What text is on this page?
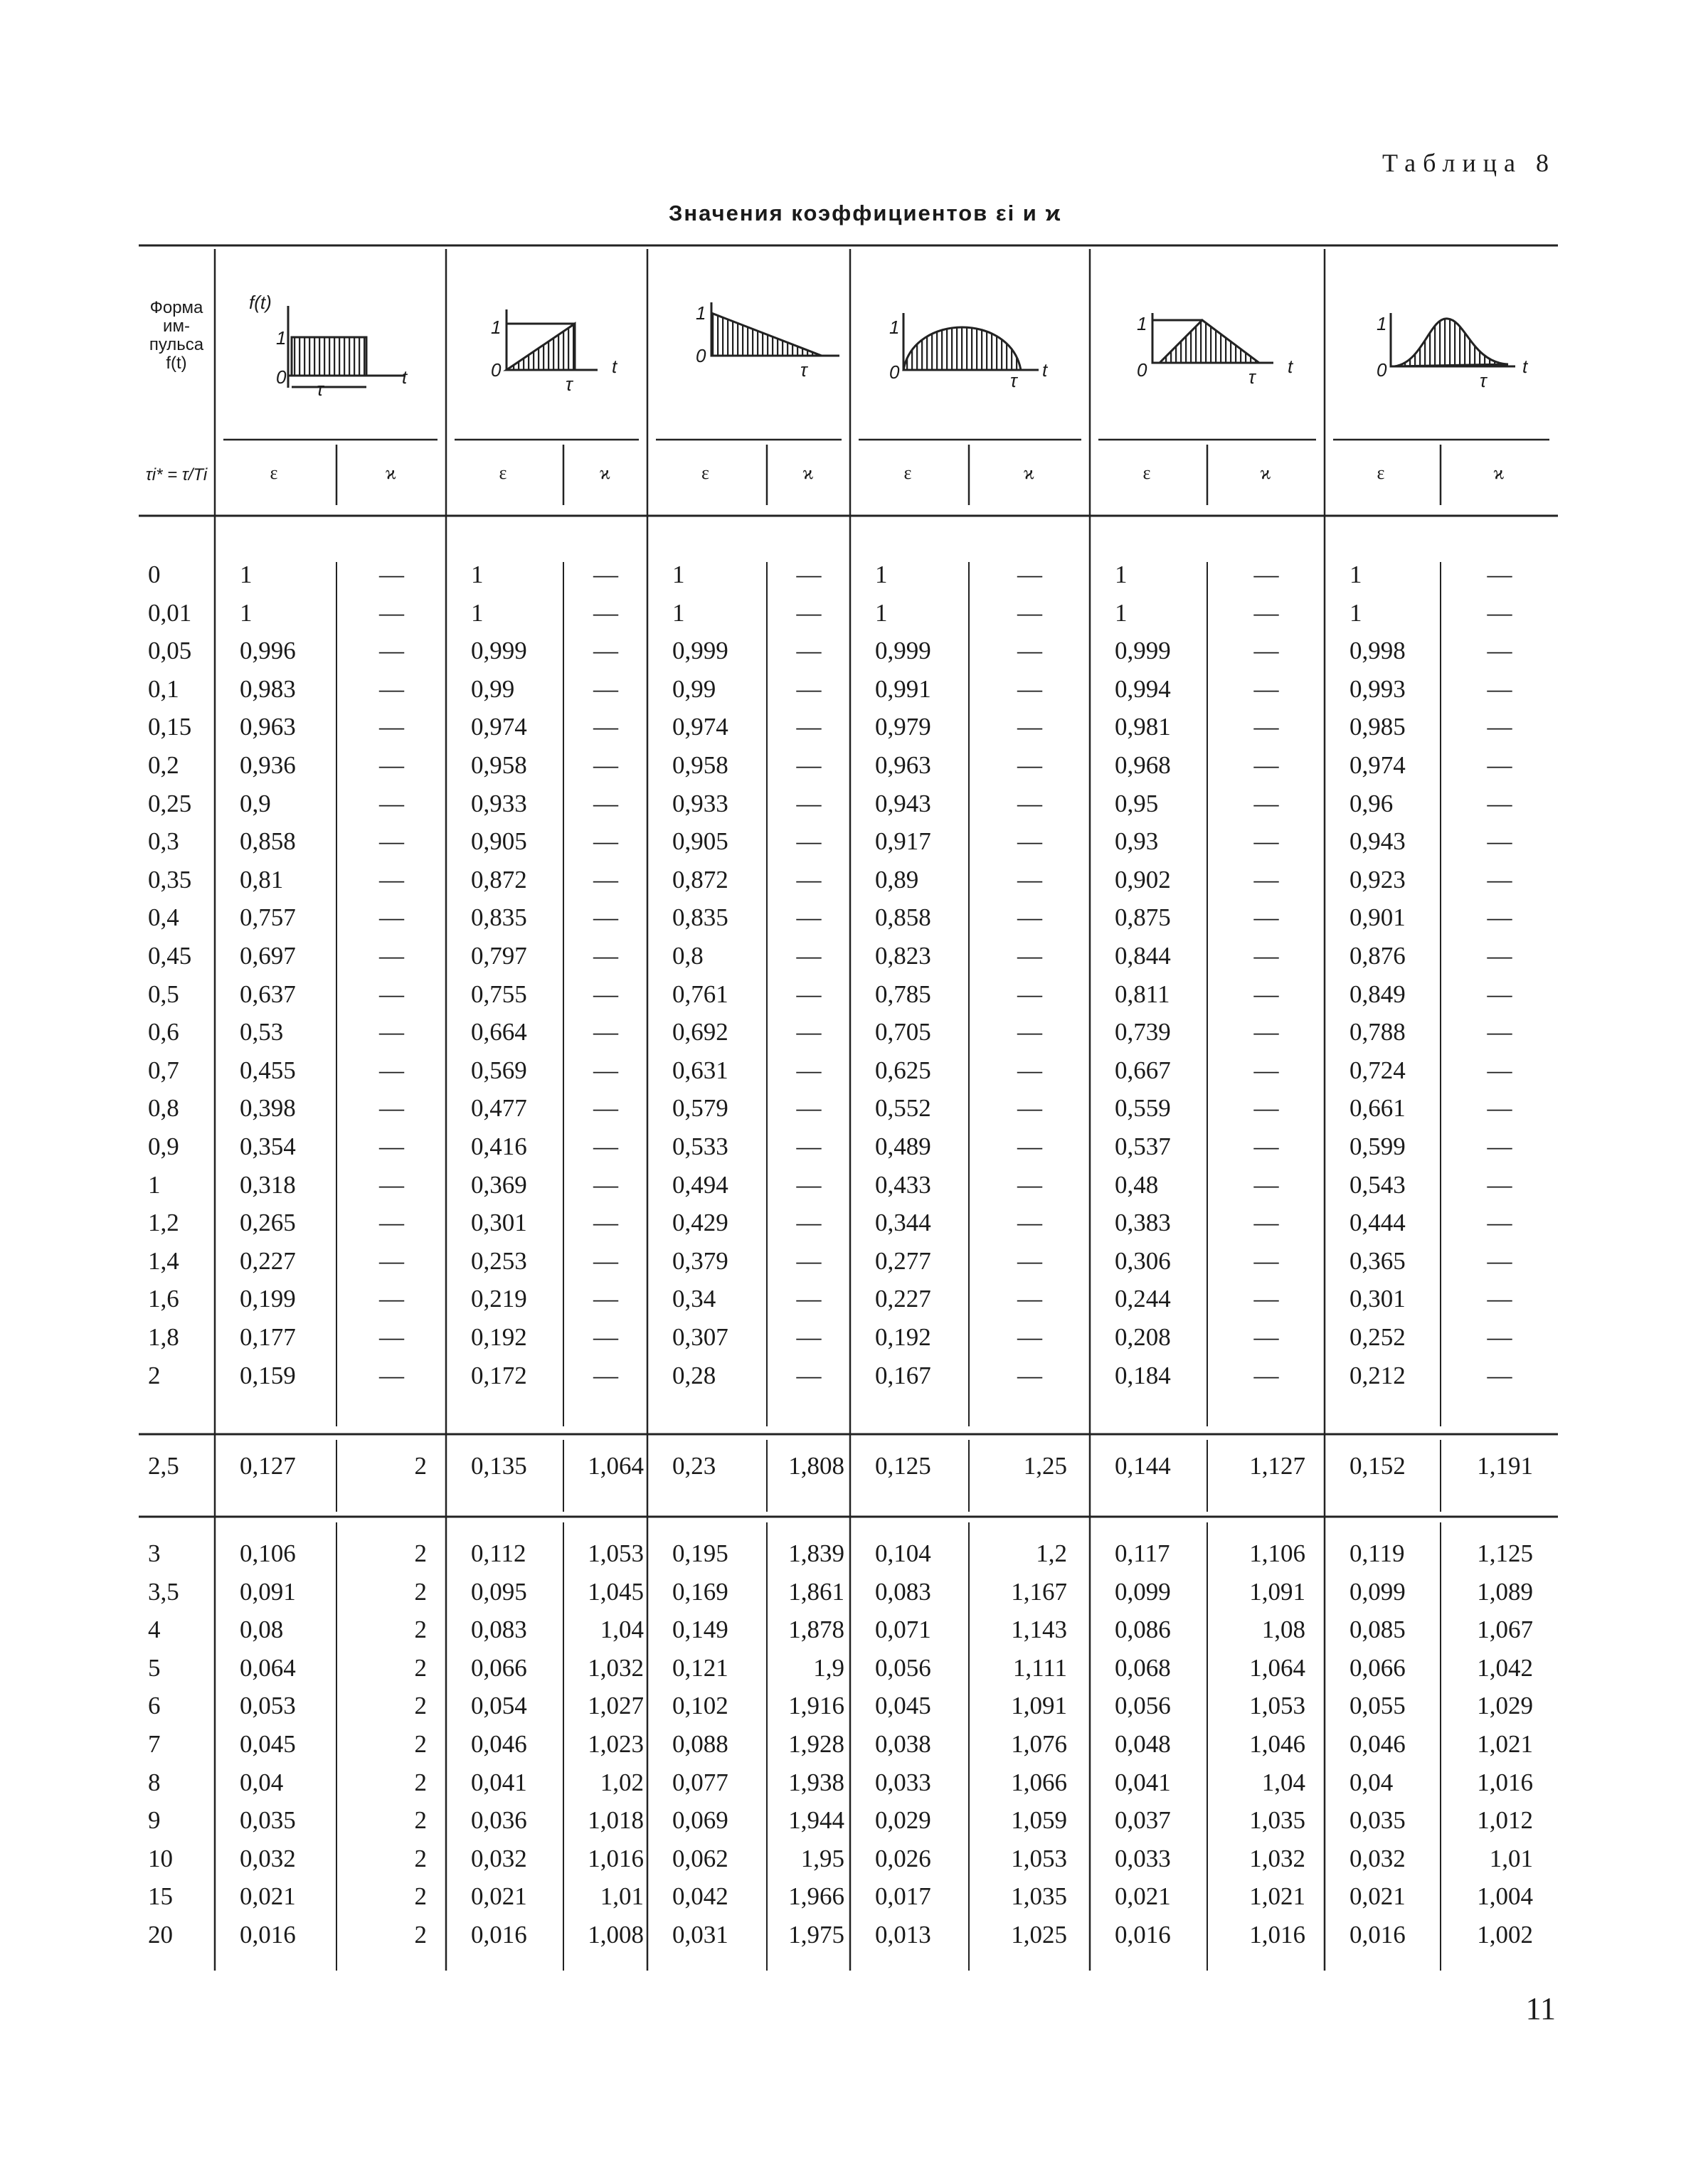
Таблица 8
Значения коэффициентов εi и ϰ
11
Форма
им-
пульса
f(t)
τi* = τ/Ti	ε	ϰ	ε	ϰ	ε	ϰ	ε	ϰ	ε	ϰ	ε	ϰ
f(t)
1
0	t
τ
1
0	t
τ
1
0
τ
1
0	t
τ
1
0	t
τ
1
0	t
τ
0	1	—	1	— 1	— 1	—	1	—	1	—
0,01 1	—	1	— 1	— 1	—	1	—	1	—
0,05 0,996	—	0,999	— 0,999	— 0,999	—	0,999	—	0,998	—
0,1 0,983	—	0,99	— 0,99	— 0,991	—	0,994	—	0,993	—
0,15 0,963	—	0,974	— 0,974	— 0,979	—	0,981	—	0,985	—
0,2 0,936	—	0,958	— 0,958	— 0,963	—	0,968	—	0,974	—
0,25 0,9	—	0,933	— 0,933	— 0,943	—	0,95	—	0,96	—
0,3 0,858	—	0,905	— 0,905	— 0,917	—	0,93	—	0,943	—
0,35 0,81	—	0,872	— 0,872	— 0,89	—	0,902	—	0,923	—
0,4 0,757	—	0,835	— 0,835	— 0,858	—	0,875	—	0,901	—
0,45 0,697	—	0,797	— 0,8	— 0,823	—	0,844	—	0,876	—
0,5 0,637	—	0,755	— 0,761	— 0,785	—	0,811	—	0,849	—
0,6 0,53	—	0,664	— 0,692	— 0,705	—	0,739	—	0,788	—
0,7 0,455	—	0,569	— 0,631	— 0,625	—	0,667	—	0,724	—
0,8 0,398	—	0,477	— 0,579	— 0,552	—	0,559	—	0,661	—
0,9 0,354	—	0,416	— 0,533	— 0,489	—	0,537	—	0,599	—
1	0,318	—	0,369	— 0,494	— 0,433	—	0,48	—	0,543	—
1,2 0,265	—	0,301	— 0,429	— 0,344	—	0,383	—	0,444	—
1,4 0,227	—	0,253	— 0,379	— 0,277	—	0,306	—	0,365	—
1,6 0,199	—	0,219	— 0,34	— 0,227	—	0,244	—	0,301	—
1,8 0,177	—	0,192	— 0,307	— 0,192	—	0,208	—	0,252	—
2	0,159	—	0,172	— 0,28	— 0,167	—	0,184	—	0,212	—
2,5 0,127	2 0,135 1,064 0,23	1,808 0,125	1,25 0,144	1,127 0,152	1,191
3	0,106	2 0,112 1,053 0,195 1,839 0,104	1,2 0,117	1,106 0,119	1,125
3,5 0,091	2 0,095 1,045 0,169 1,861 0,083	1,167 0,099	1,091 0,099	1,089
4	0,08	2 0,083	1,04 0,149 1,878 0,071	1,143 0,086	1,08 0,085	1,067
5	0,064	2 0,066 1,032 0,121	1,9 0,056	1,111 0,068	1,064 0,066	1,042
6	0,053	2 0,054 1,027 0,102 1,916 0,045	1,091 0,056	1,053 0,055	1,029
7	0,045	2 0,046 1,023 0,088 1,928 0,038	1,076 0,048	1,046 0,046	1,021
8	0,04	2 0,041	1,02 0,077 1,938 0,033	1,066 0,041	1,04 0,04	1,016
9	0,035	2 0,036 1,018 0,069 1,944 0,029	1,059 0,037	1,035 0,035	1,012
10	0,032	2 0,032 1,016 0,062	1,95 0,026	1,053 0,033	1,032 0,032	1,01
15	0,021	2 0,021	1,01 0,042 1,966 0,017	1,035 0,021	1,021 0,021	1,004
20	0,016	2 0,016 1,008 0,031 1,975 0,013	1,025 0,016	1,016 0,016	1,002
